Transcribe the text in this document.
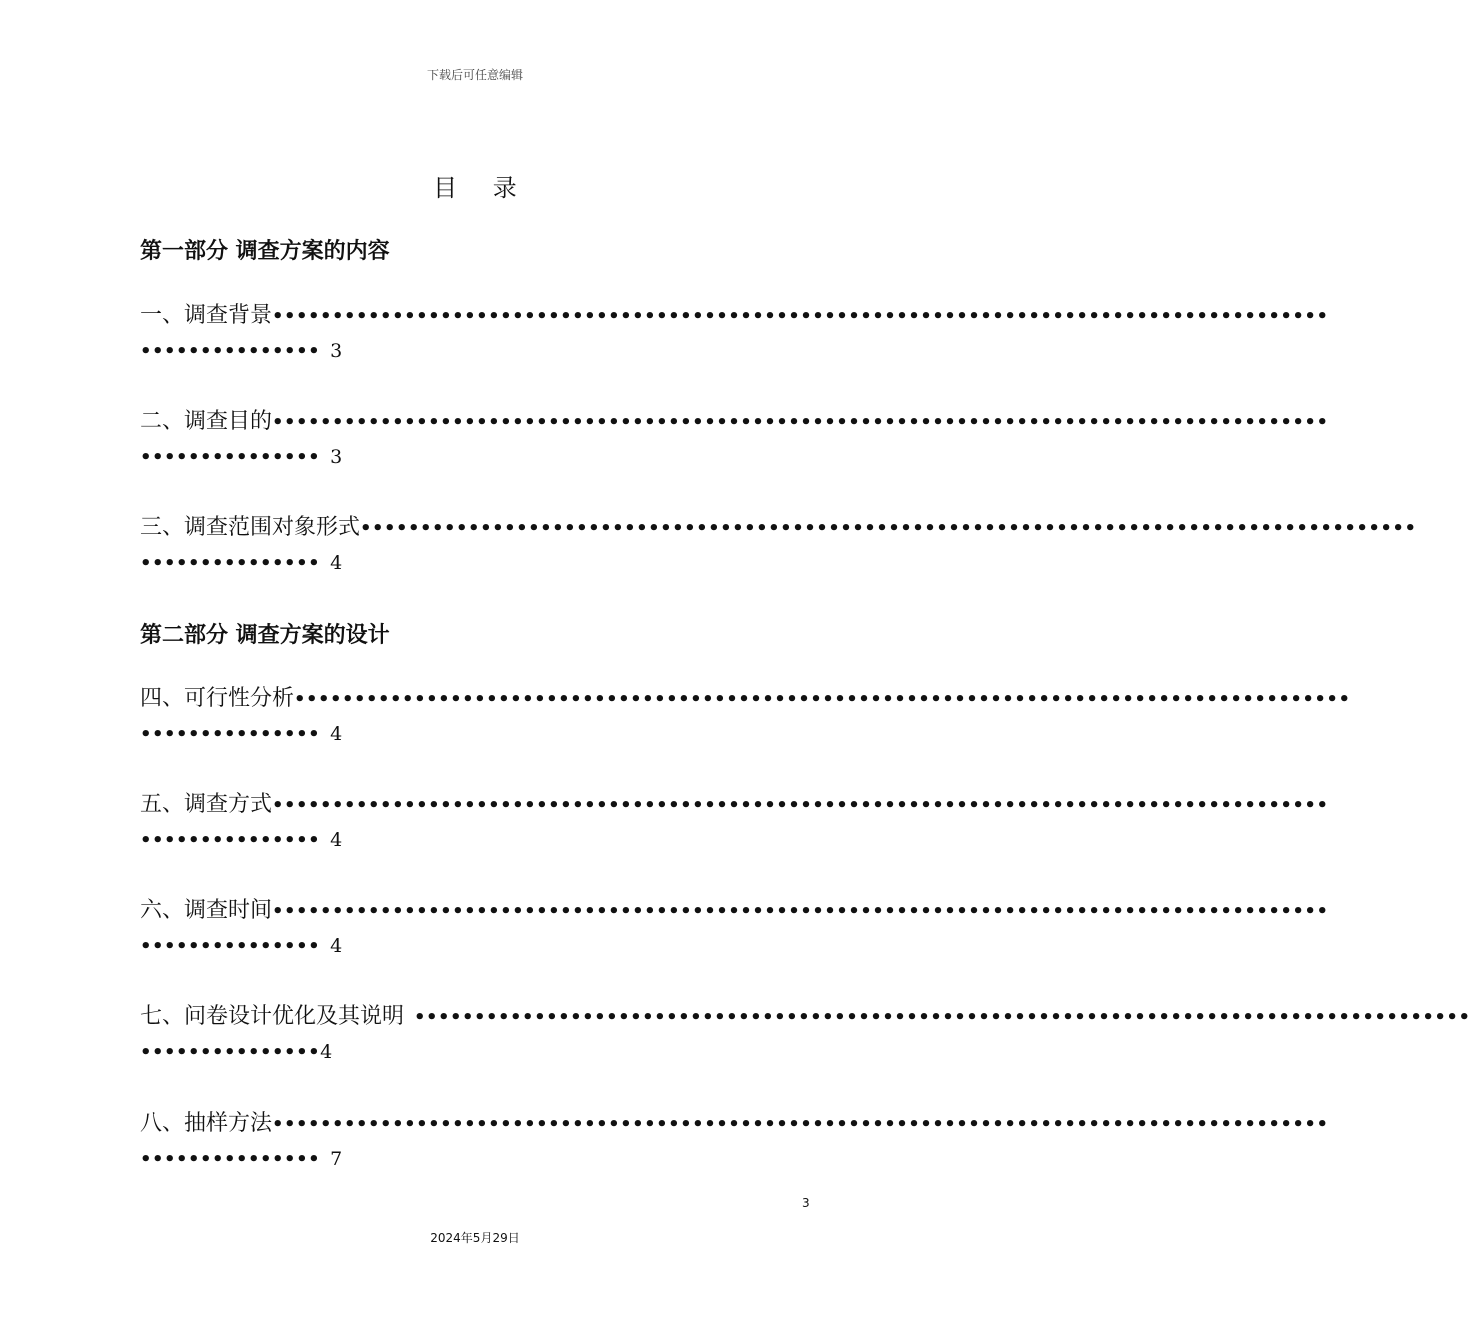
下载后可任意编辑
目 录
第一部分 调查方案的内容
一、调查背景 ••••••••••••••••••••••••••••••••••••••••••••••••••••••••••••••••••••••••••••••••••••••••
••••••••••••••• 3
二、调查目的 ••••••••••••••••••••••••••••••••••••••••••••••••••••••••••••••••••••••••••••••••••••••••
••••••••••••••• 3
三、调查范围对象形式 ••••••••••••••••••••••••••••••••••••••••••••••••••••••••••••••••••••••••••••••••••••••••
••••••••••••••• 4
第二部分 调查方案的设计
四、可行性分析 ••••••••••••••••••••••••••••••••••••••••••••••••••••••••••••••••••••••••••••••••••••••••
••••••••••••••• 4
五、调查方式 ••••••••••••••••••••••••••••••••••••••••••••••••••••••••••••••••••••••••••••••••••••••••
••••••••••••••• 4
六、调查时间 ••••••••••••••••••••••••••••••••••••••••••••••••••••••••••••••••••••••••••••••••••••••••
••••••••••••••• 4
七、问卷设计优化及其说明 ••••••••••••••••••••••••••••••••••••••••••••••••••••••••••••••••••••••••••••••••••••••••
•••••••••••••••4
八、抽样方法 ••••••••••••••••••••••••••••••••••••••••••••••••••••••••••••••••••••••••••••••••••••••••
••••••••••••••• 7
3
2024年5月29日
